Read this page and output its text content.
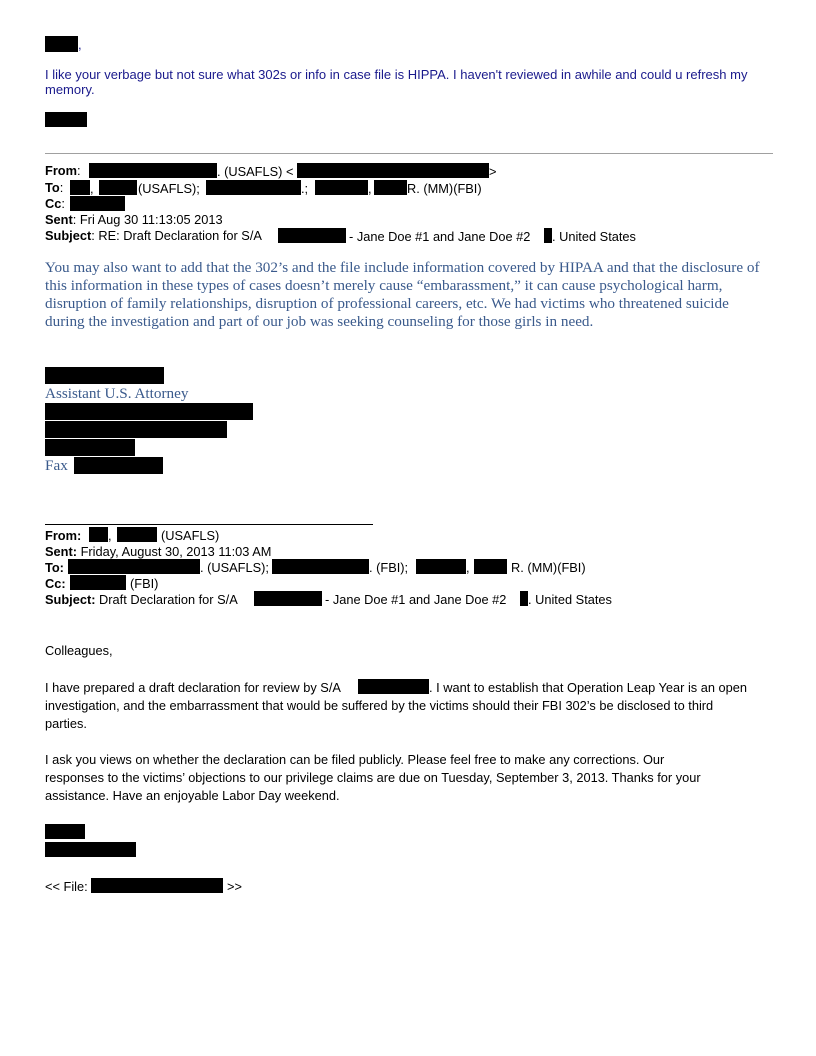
,
I like your verbage but not sure what 302s or info in case file is HIPPA. I haven't reviewed in awhile and could u refresh my memory.
From:	. (USAFLS) <	>
To: ,	(USAFLS);	.;	,	R. (MM)(FBI)
Cc:
Sent: Fri Aug 30 11:13:05 2013
Subject: RE: Draft Declaration for S/A	- Jane Doe #1 and Jane Doe #2 . United States
You may also want to add that the 302’s and the file include information covered by HIPAA and that the disclosure of this information in these types of cases doesn’t merely cause “embarassment,” it can cause psychological harm, disruption of family relationships, disruption of professional careers, etc. We had victims who threatened suicide during the investigation and part of our job was seeking counseling for those girls in need.
Assistant U.S. Attorney
Fax
From: ,	(USAFLS)
Sent: Friday, August 30, 2013 11:03 AM
To:	. (USAFLS);	. (FBI);	,	R. (MM)(FBI)
Cc:	(FBI)
Subject: Draft Declaration for S/A	- Jane Doe #1 and Jane Doe #2 . United States
Colleagues,
I have prepared a draft declaration for review by S/A	. I want to establish that Operation Leap Year is an open
investigation, and the embarrassment that would be suffered by the victims should their FBI 302’s be disclosed to third
parties.
I ask you views on whether the declaration can be filed publicly. Please feel free to make any corrections. Our
responses to the victims’ objections to our privilege claims are due on Tuesday, September 3, 2013. Thanks for your
assistance. Have an enjoyable Labor Day weekend.
<< File:	>>
